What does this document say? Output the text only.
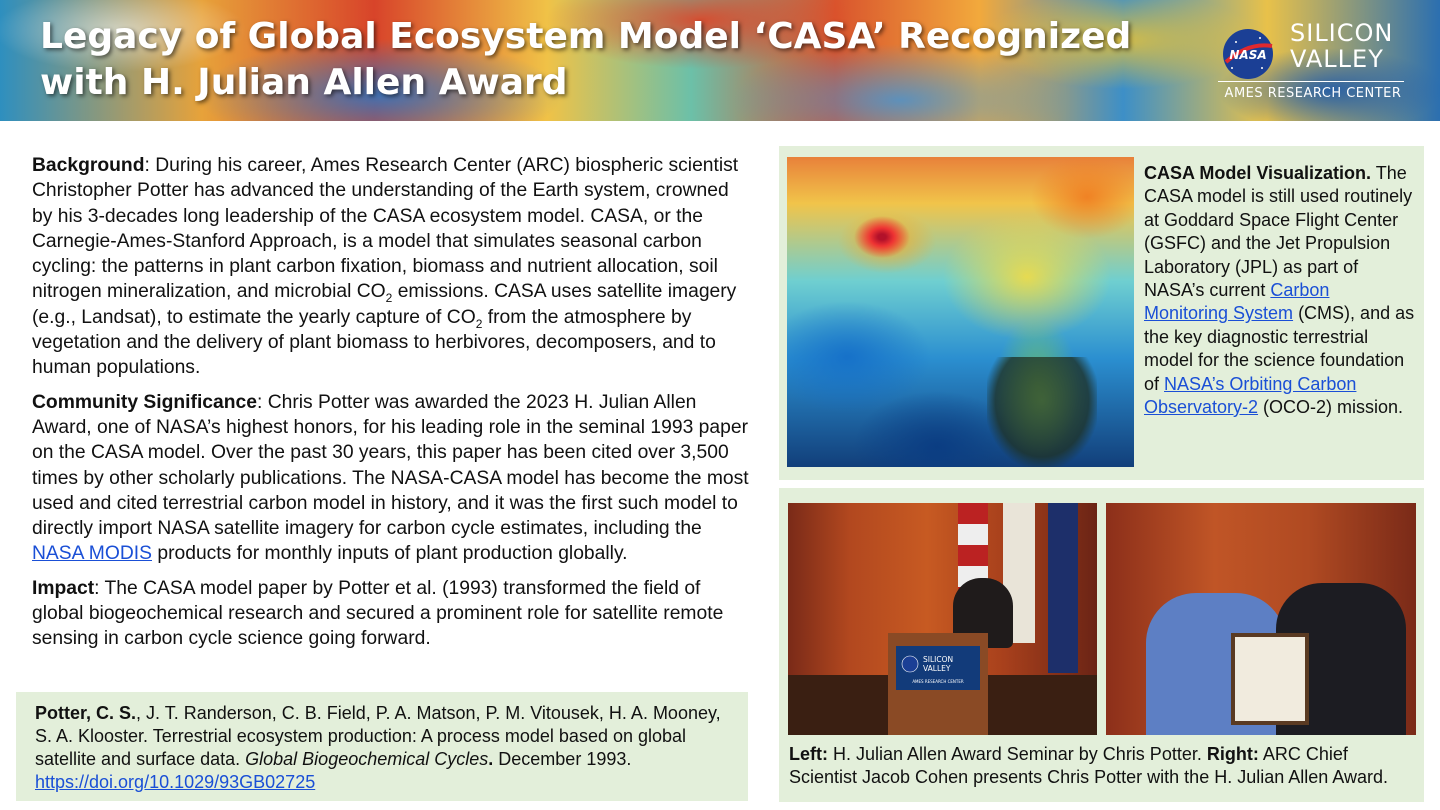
Legacy of Global Ecosystem Model ‘CASA’ Recognized with H. Julian Allen Award
NASA
SILICON
VALLEY
AMES RESEARCH CENTER

Background: During his career, Ames Research Center (ARC) biospheric scientist Christopher Potter has advanced the understanding of the Earth system, crowned by his 3-decades long leadership of the CASA ecosystem model. CASA, or the Carnegie-Ames-Stanford Approach, is a model that simulates seasonal carbon cycling: the patterns in plant carbon fixation, biomass and nutrient allocation, soil nitrogen mineralization, and microbial $CO_2$ emissions. CASA uses satellite imagery (e.g., Landsat), to estimate the yearly capture of $CO_2$ from the atmosphere by vegetation and the delivery of plant biomass to herbivores, decomposers, and to human populations.

Community Significance: Chris Potter was awarded the 2023 H. Julian Allen Award, one of NASA’s highest honors, for his leading role in the seminal 1993 paper on the CASA model. Over the past 30 years, this paper has been cited over 3,500 times by other scholarly publications. The NASA-CASA model has become the most used and cited terrestrial carbon model in history, and it was the first such model to directly import NASA satellite imagery for carbon cycle estimates, including the NASA MODIS products for monthly inputs of plant production globally.

Impact: The CASA model paper by Potter et al. (1993) transformed the field of global biogeochemical research and secured a prominent role for satellite remote sensing in carbon cycle science going forward.

Potter, C. S., J. T. Randerson, C. B. Field, P. A. Matson, P. M. Vitousek, H. A. Mooney, S. A. Klooster. Terrestrial ecosystem production: A process model based on global satellite and surface data. Global Biogeochemical Cycles. December 1993. https://doi.org/10.1029/93GB02725

CASA Model Visualization. The CASA model is still used routinely at Goddard Space Flight Center (GSFC) and the Jet Propulsion Laboratory (JPL) as part of NASA’s current Carbon Monitoring System (CMS), and as the key diagnostic terrestrial model for the science foundation of NASA’s Orbiting Carbon Observatory-2 (OCO-2) mission.

SILICON
VALLEY
AMES RESEARCH CENTER

Left: H. Julian Allen Award Seminar by Chris Potter. Right: ARC Chief Scientist Jacob Cohen presents Chris Potter with the H. Julian Allen Award.
